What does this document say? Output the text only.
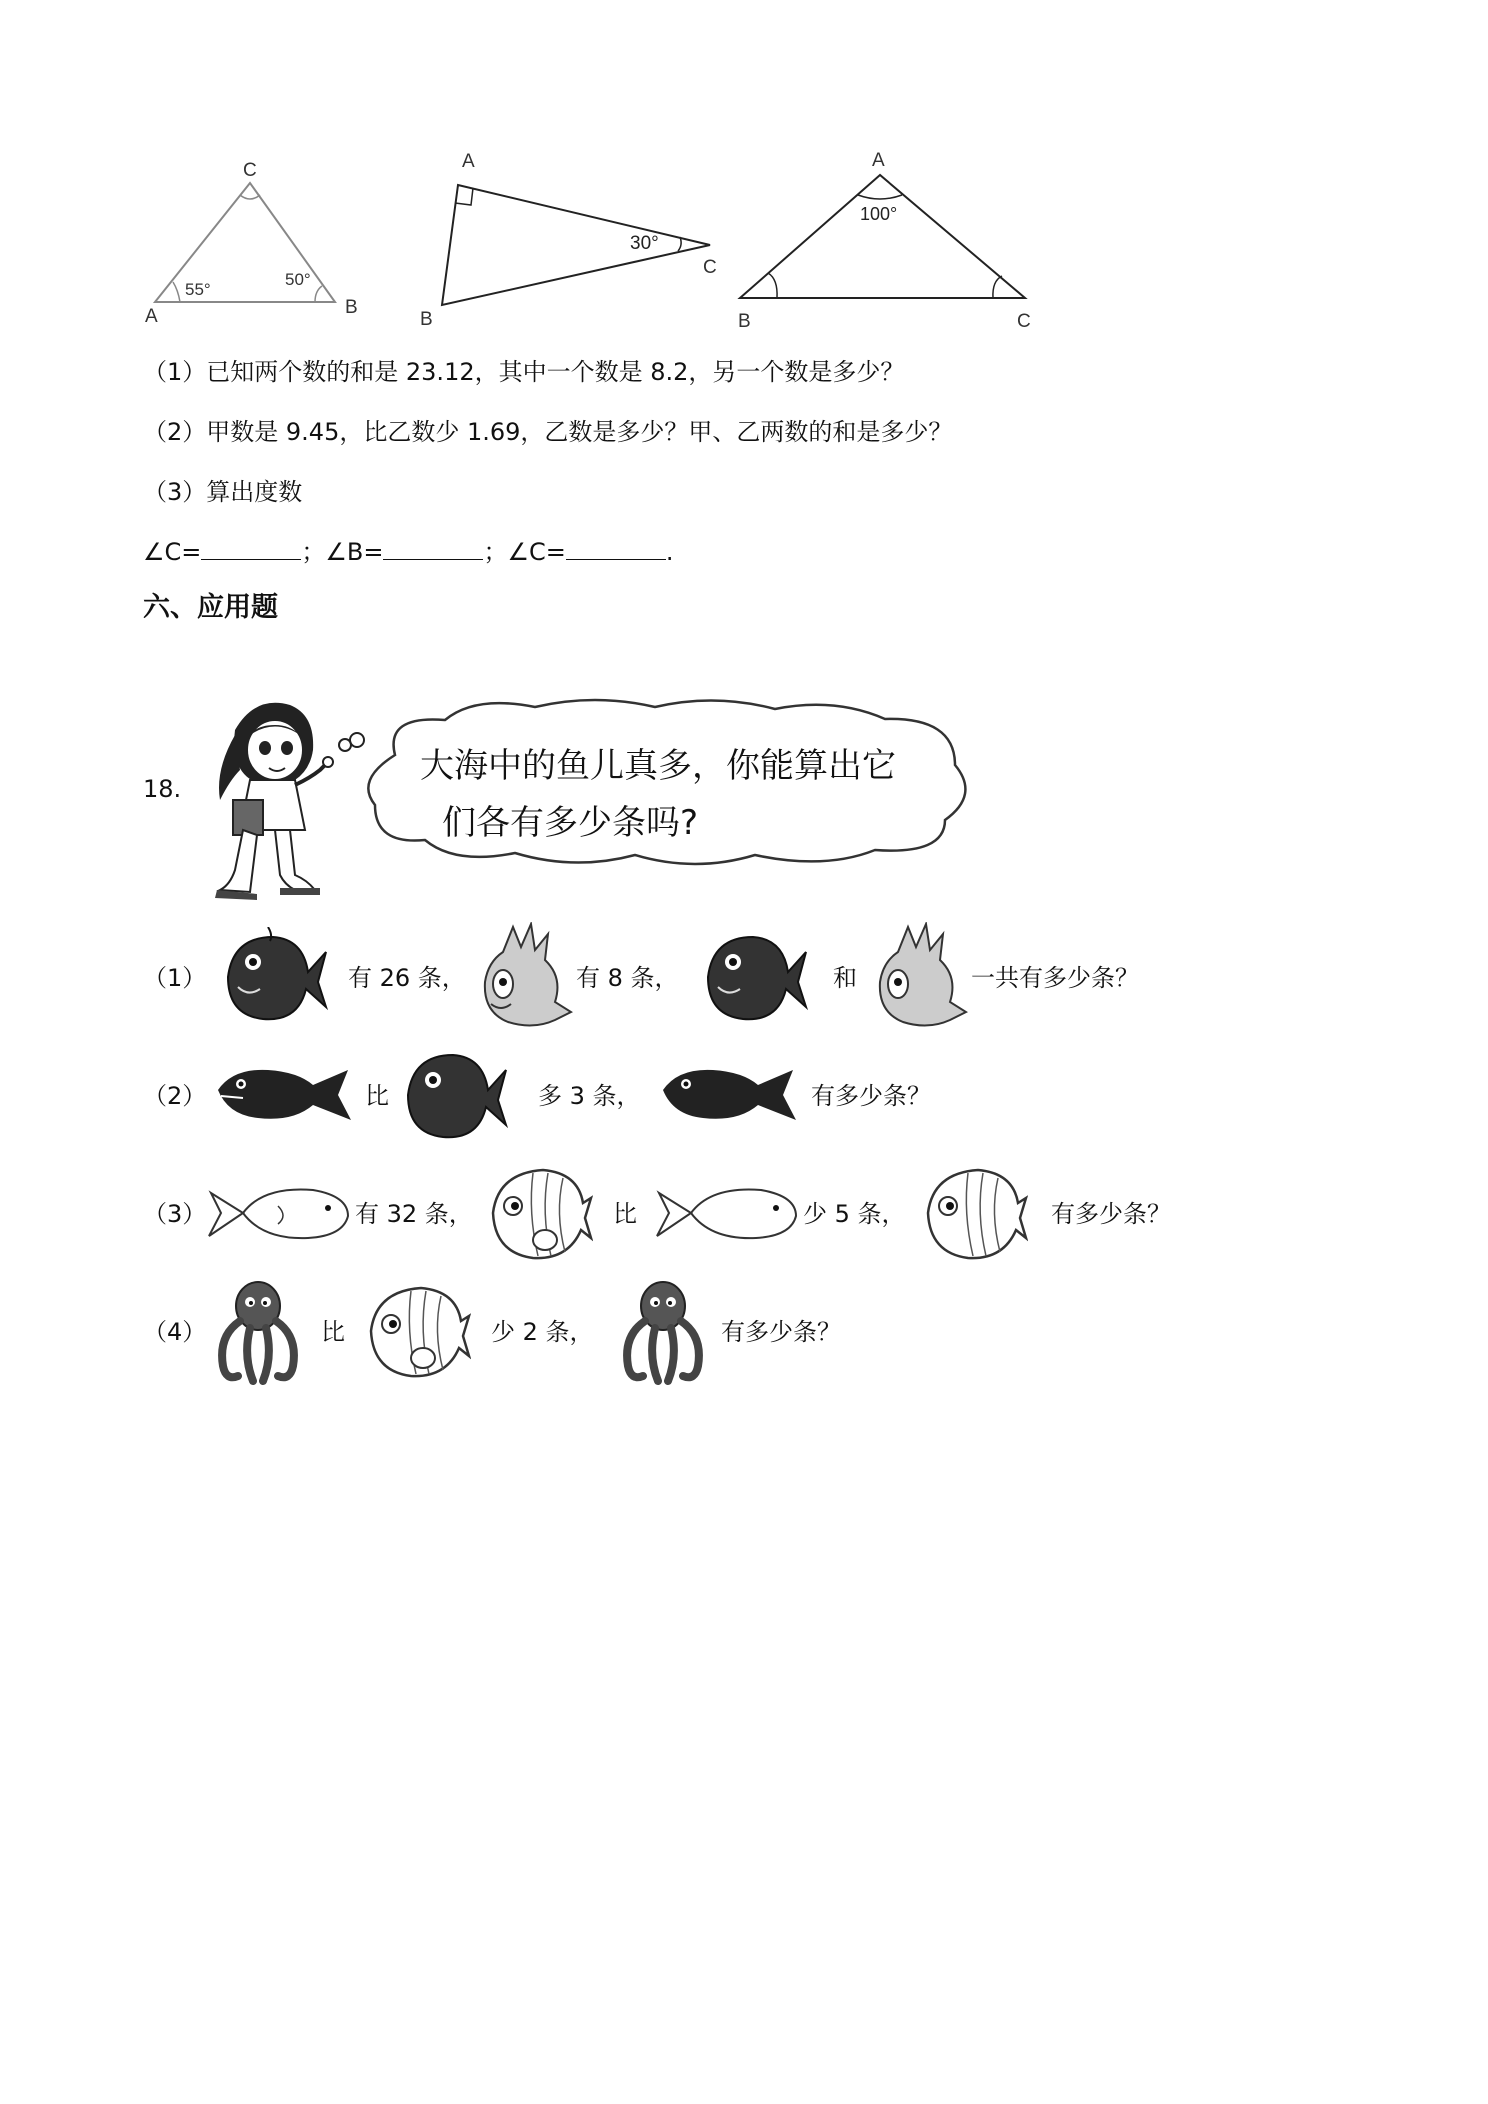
C
A	B
55°
50°
A
B
C
30°
A
B	C
100°
（1）已知两个数的和是 23.12，其中一个数是 8.2，另一个数是多少？
（2）甲数是 9.45，比乙数少 1.69，乙数是多少？甲、乙两数的和是多少？
（3）算出度数
∠C=	；∠B=	；∠C=	.
六、应用题
18.
大海中的鱼儿真多，你能算出它
们各有多少条吗?
（1）	有 26 条，	有 8 条，	和	一共有多少条？
（2）	比	多 3 条，	有多少条？
（3）	有 32 条，	比	少 5 条，	有多少条？
（4）	比	少 2 条，	有多少条？
